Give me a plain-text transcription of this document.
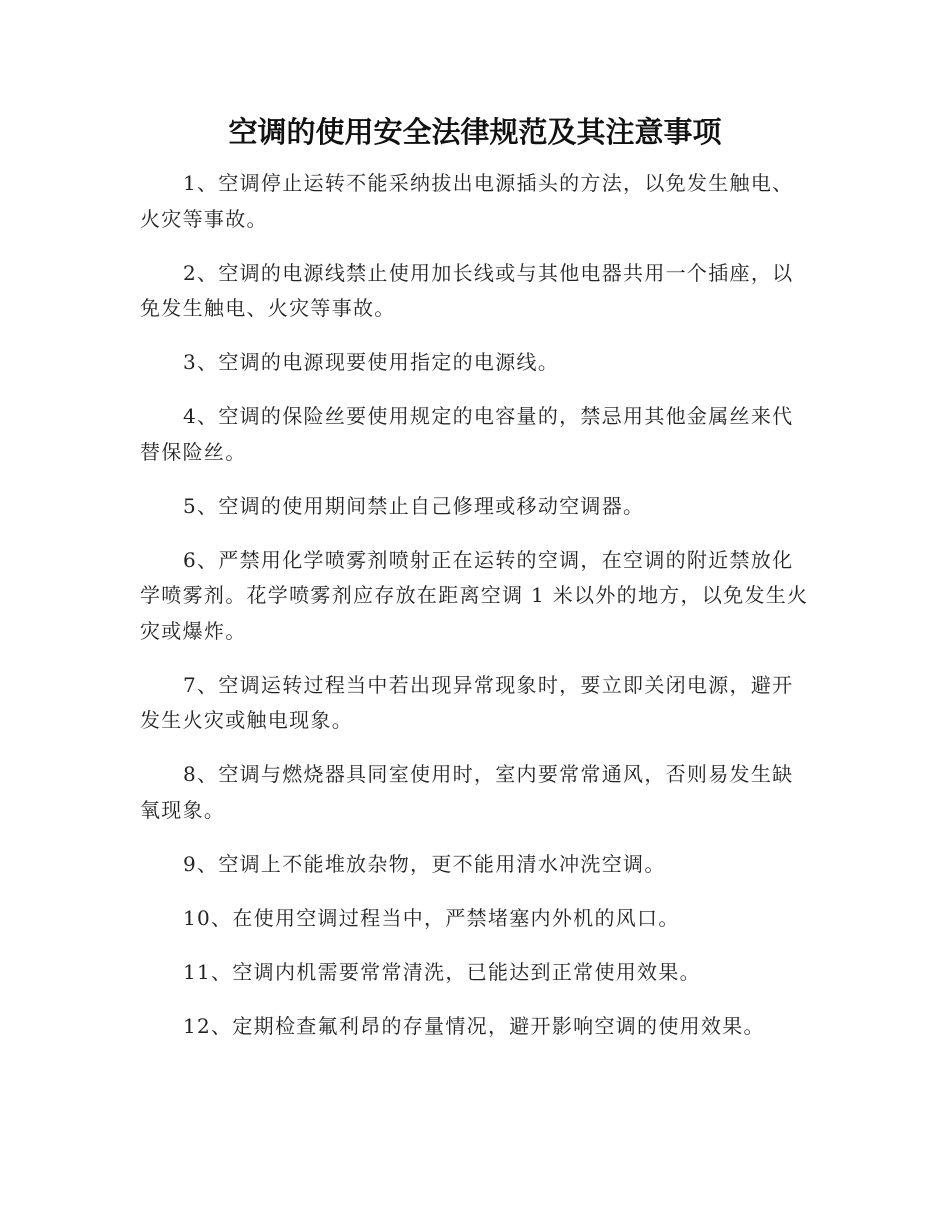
空调的使用安全法律规范及其注意事项

1、空调停止运转不能采纳拔出电源插头的方法，以免发生触电、火灾等事故。

2、空调的电源线禁止使用加长线或与其他电器共用一个插座，以免发生触电、火灾等事故。

3、空调的电源现要使用指定的电源线。

4、空调的保险丝要使用规定的电容量的，禁忌用其他金属丝来代替保险丝。

5、空调的使用期间禁止自己修理或移动空调器。

6、严禁用化学喷雾剂喷射正在运转的空调，在空调的附近禁放化学喷雾剂。花学喷雾剂应存放在距离空调 1 米以外的地方，以免发生火灾或爆炸。

7、空调运转过程当中若出现异常现象时，要立即关闭电源，避开发生火灾或触电现象。

8、空调与燃烧器具同室使用时，室内要常常通风，否则易发生缺氧现象。

9、空调上不能堆放杂物，更不能用清水冲洗空调。

10、在使用空调过程当中，严禁堵塞内外机的风口。

11、空调内机需要常常清洗，已能达到正常使用效果。

12、定期检查氟利昂的存量情况，避开影响空调的使用效果。
